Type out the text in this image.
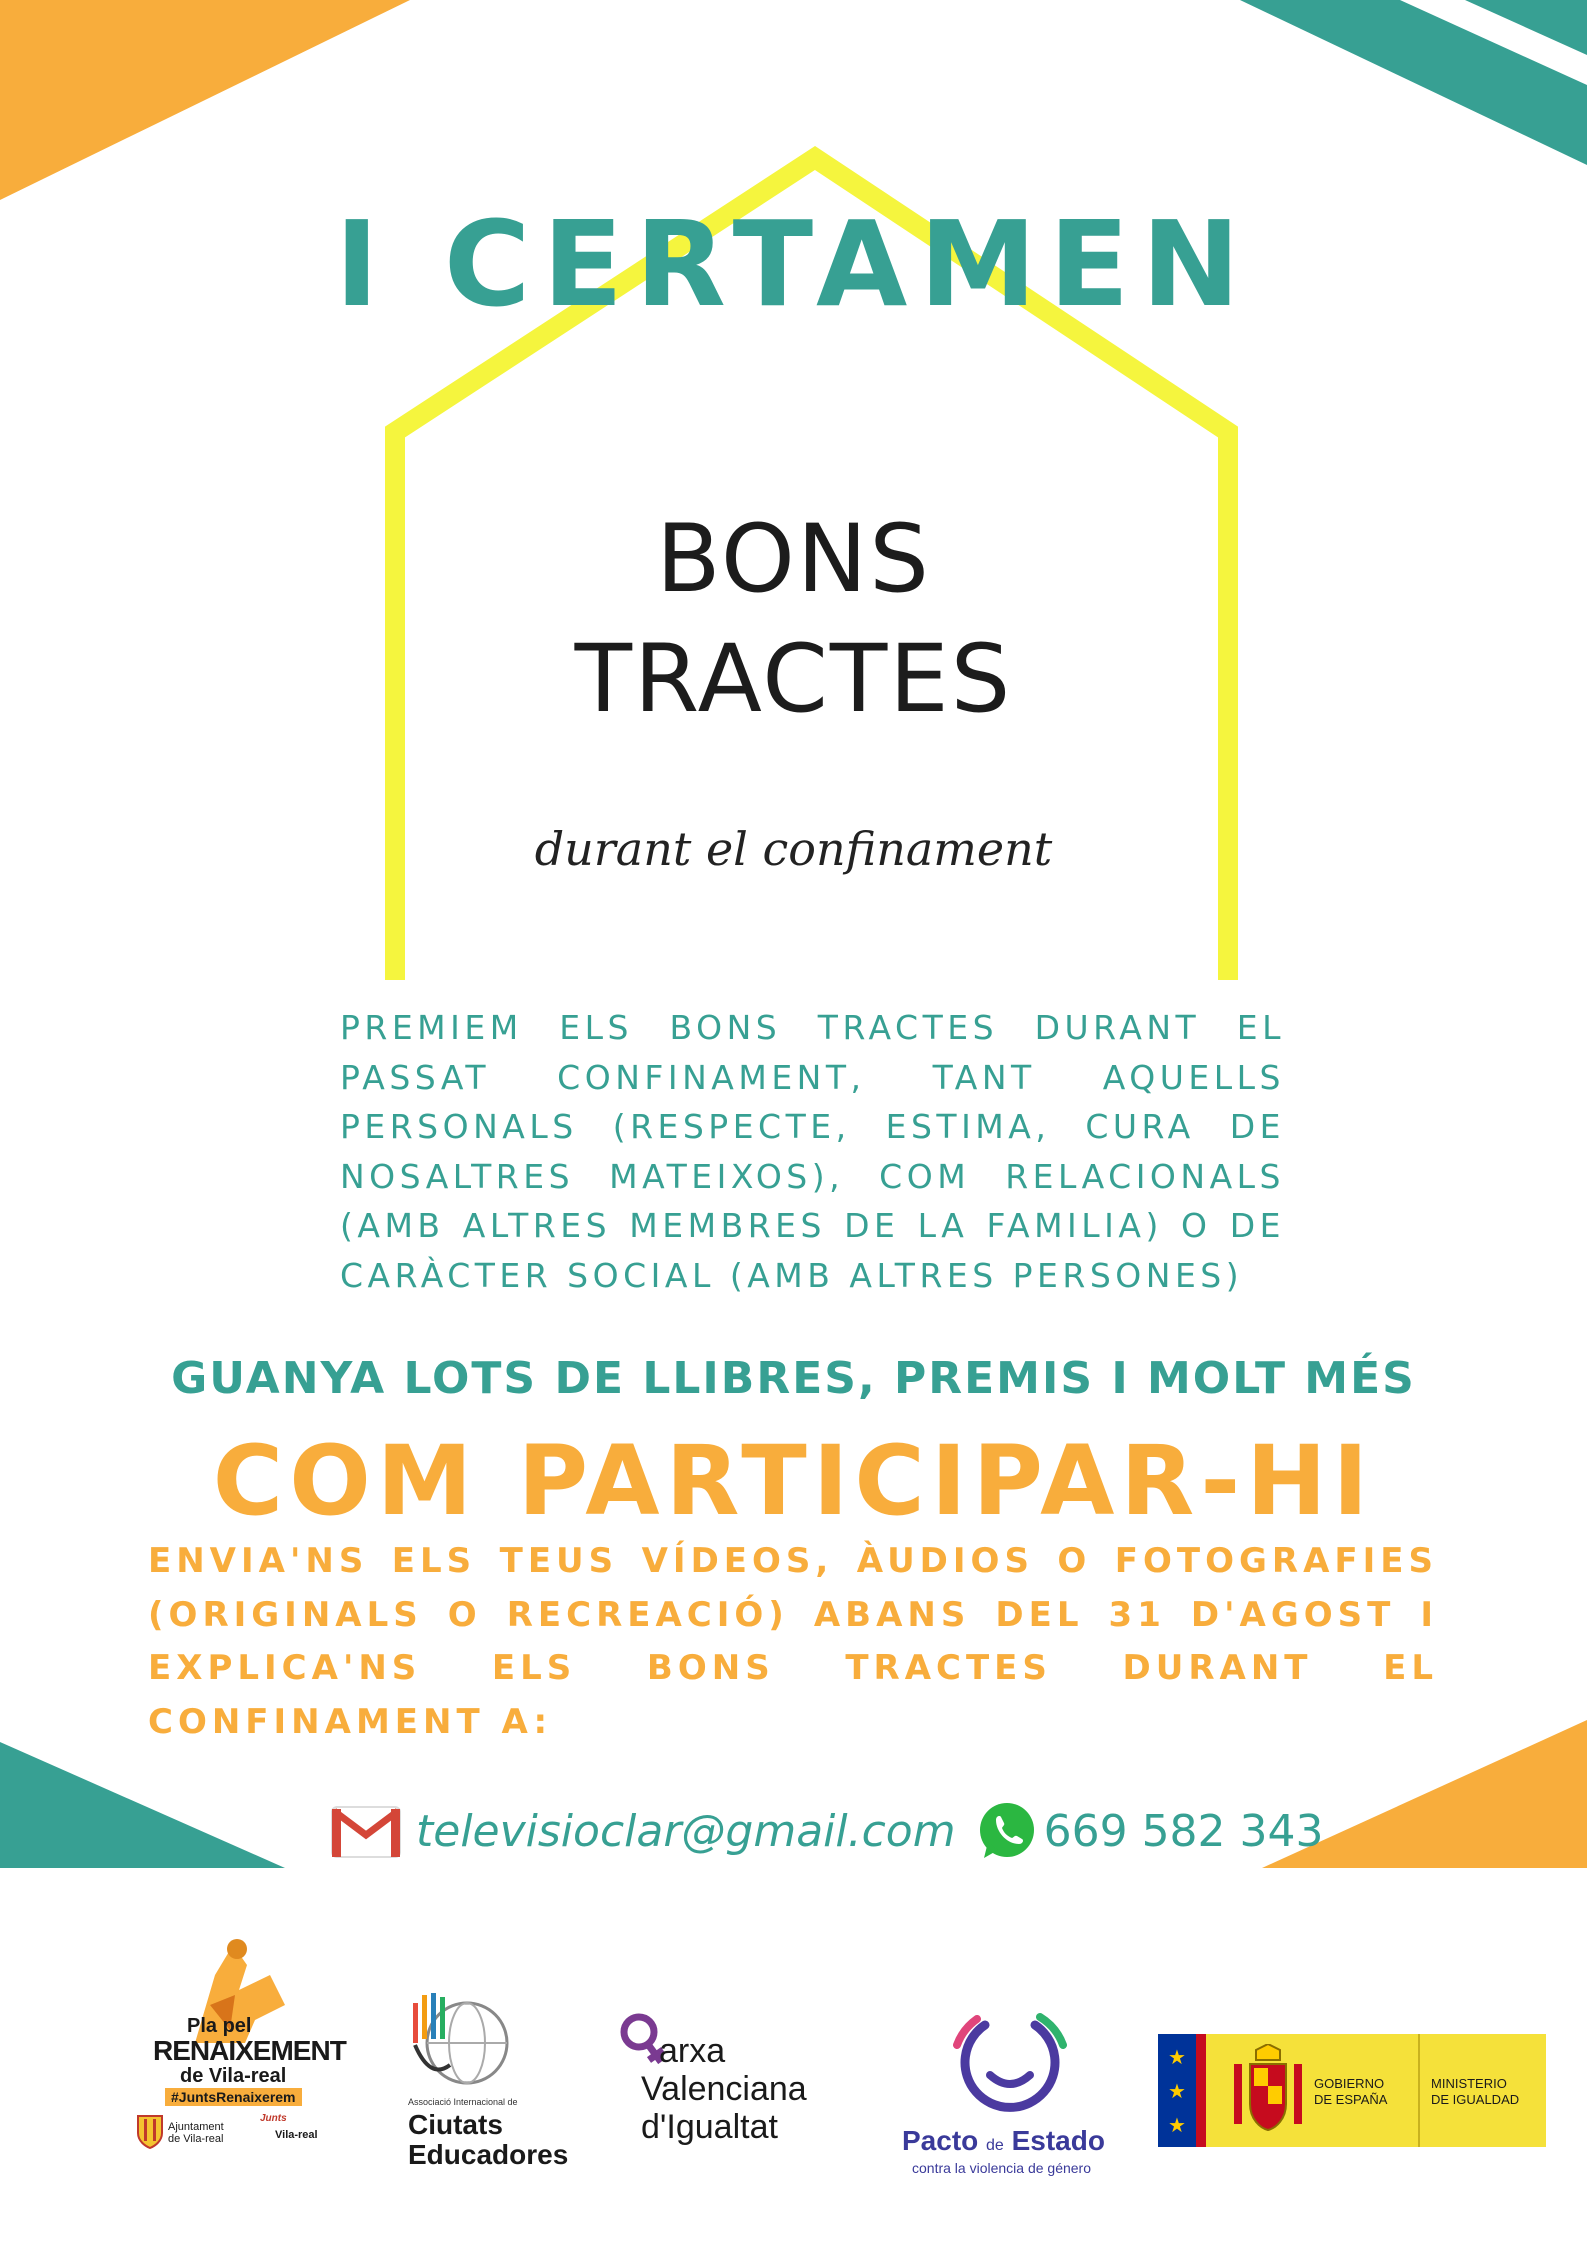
I CERTAMEN
BONS
TRACTES
durant el confinament
PREMIEM ELS BONS TRACTES DURANT EL
PASSAT CONFINAMENT, TANT AQUELLS
PERSONALS (RESPECTE, ESTIMA, CURA DE
NOSALTRES MATEIXOS), COM RELACIONALS
(AMB ALTRES MEMBRES DE LA FAMILIA) O DE
CARÀCTER SOCIAL (AMB ALTRES PERSONES)
GUANYA LOTS DE LLIBRES, PREMIS I MOLT MÉS
COM PARTICIPAR-HI
ENVIA'NS ELS TEUS VÍDEOS, ÀUDIOS O FOTOGRAFIES
(ORIGINALS O RECREACIÓ) ABANS DEL 31 D'AGOST I
EXPLICA'NS ELS BONS TRACTES DURANT EL
CONFINAMENT A:
televisioclar@gmail.com 669 582 343
Pla pel
RENAIXEMENT
de Vila-real
#JuntsRenaixerem
Ajuntament de Vila-real
Junts
Vila-real
Associació Internacional de
Ciutats
Educadores
arxa
Valenciana
d'Igualtat	Pacto de Estado
contra la violencia de género
★
★
★
GOBIERNO
DE ESPAÑA
MINISTERIO
DE IGUALDAD
